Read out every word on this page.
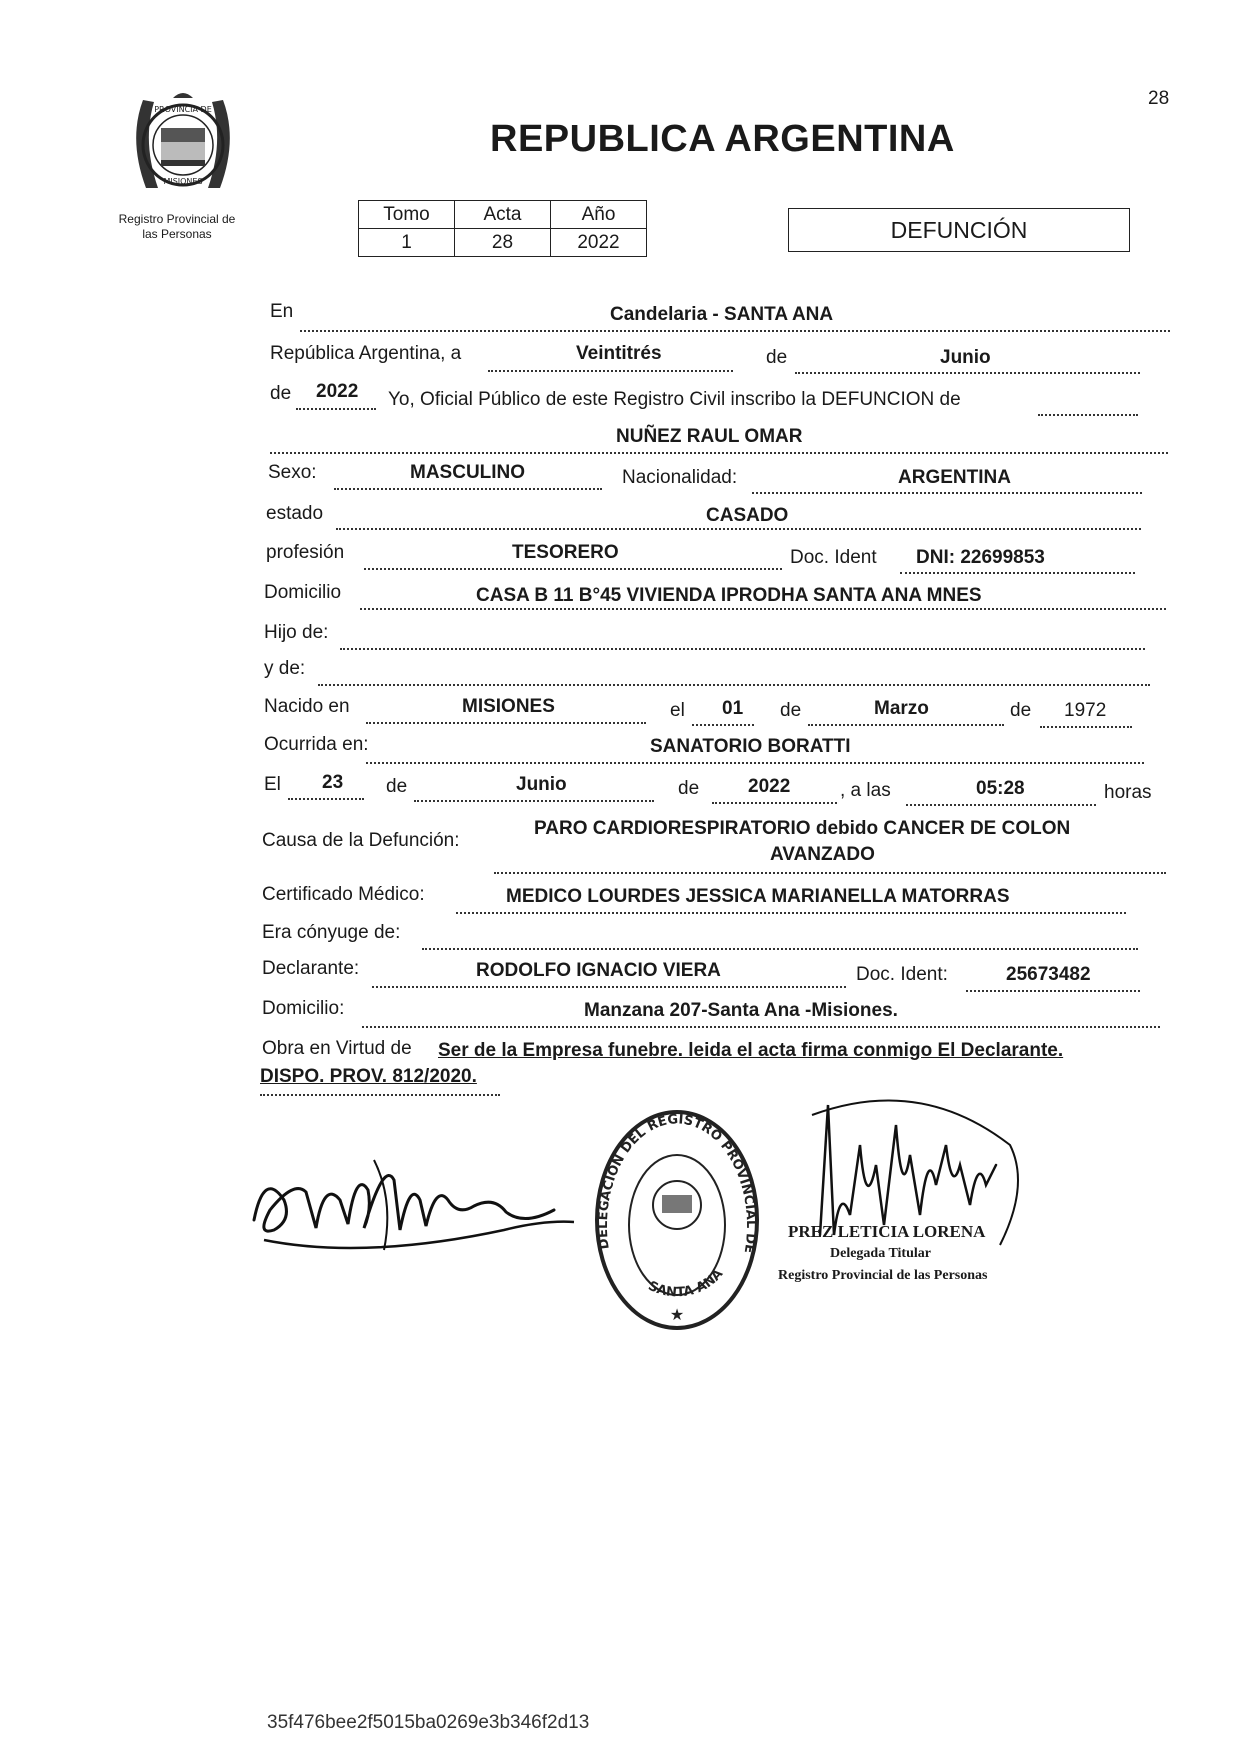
28
PROVINCIA DE
MISIONES
Registro Provincial de
las Personas
REPUBLICA ARGENTINA
Tomo	Acta	Año
1	28	2022	DEFUNCIÓN
En	Candelaria - SANTA ANA
República Argentina, a	Veintitrés	de	Junio
de 2022 Yo, Oficial Público de este Registro Civil inscribo la DEFUNCION de
NUÑEZ RAUL OMAR
Sexo:	MASCULINO	Nacionalidad:	ARGENTINA
estado	CASADO
profesión	TESORERO	Doc. Ident DNI: 22699853
Domicilio	CASA B 11 B°45 VIVIENDA IPRODHA SANTA ANA MNES
Hijo de:
y de:
Nacido en	MISIONES	el 01 de	Marzo	de 1972
Ocurrida en:	SANATORIO BORATTI
El 23 de	Junio	de	2022	, a las	05:28	horas
Causa de la Defunción:
PARO CARDIORESPIRATORIO debido CANCER DE COLON
AVANZADO
Certificado Médico:	MEDICO LOURDES JESSICA MARIANELLA MATORRAS
Era cónyuge de:
Declarante:	RODOLFO IGNACIO VIERA	Doc. Ident:	25673482
Domicilio:	Manzana 207-Santa Ana -Misiones.
Obra en Virtud de Ser de la Empresa funebre. leida el acta firma conmigo El Declarante.
DISPO. PROV. 812/2020.
DELEGACION DEL REGISTRO PROVINCIAL DE
SANTA ANA
★
PREZ LETICIA LORENA
Delegada Titular
Registro Provincial de las Personas
35f476bee2f5015ba0269e3b346f2d13
